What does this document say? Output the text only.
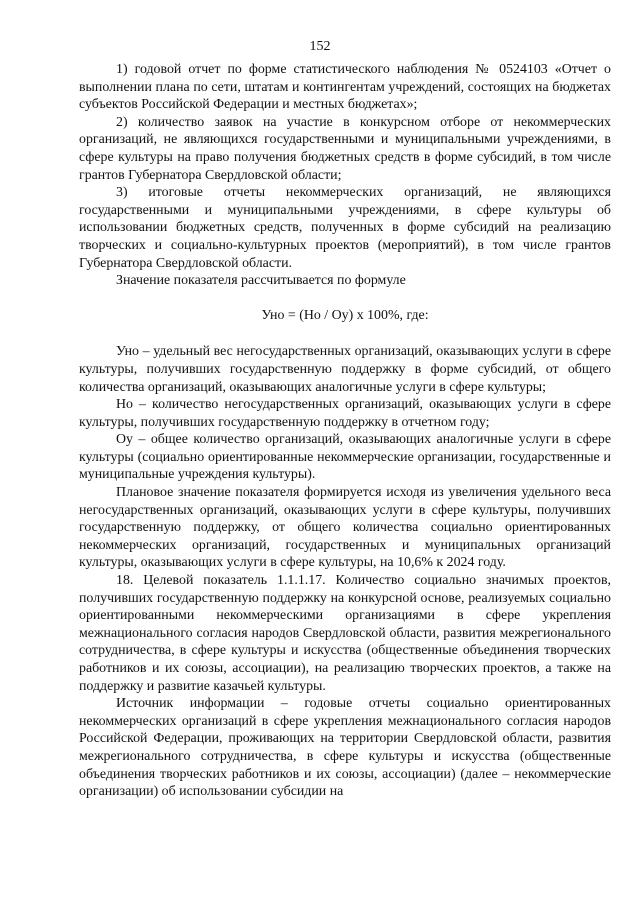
152

1) годовой отчет по форме статистического наблюдения № 0524103 «Отчет о выполнении плана по сети, штатам и контингентам учреждений, состоящих на бюджетах субъектов Российской Федерации и местных бюджетах»;

2) количество заявок на участие в конкурсном отборе от некоммерческих организаций, не являющихся государственными и муниципальными учреждениями, в сфере культуры на право получения бюджетных средств в форме субсидий, в том числе грантов Губернатора Свердловской области;

3) итоговые отчеты некоммерческих организаций, не являющихся государственными и муниципальными учреждениями, в сфере культуры об использовании бюджетных средств, полученных в форме субсидий на реализацию творческих и социально-культурных проектов (мероприятий), в том числе грантов Губернатора Свердловской области.

Значение показателя рассчитывается по формуле

Уно = (Но / Оу) x 100%, где:

Уно – удельный вес негосударственных организаций, оказывающих услуги в сфере культуры, получивших государственную поддержку в форме субсидий, от общего количества организаций, оказывающих аналогичные услуги в сфере культуры;

Но – количество негосударственных организаций, оказывающих услуги в сфере культуры, получивших государственную поддержку в отчетном году;

Оу – общее количество организаций, оказывающих аналогичные услуги в сфере культуры (социально ориентированные некоммерческие организации, государственные и муниципальные учреждения культуры).

Плановое значение показателя формируется исходя из увеличения удельного веса негосударственных организаций, оказывающих услуги в сфере культуры, получивших государственную поддержку, от общего количества социально ориентированных некоммерческих организаций, государственных и муниципальных организаций культуры, оказывающих услуги в сфере культуры, на 10,6% к 2024 году.

18. Целевой показатель 1.1.1.17. Количество социально значимых проектов, получивших государственную поддержку на конкурсной основе, реализуемых социально ориентированными некоммерческими организациями в сфере укрепления межнационального согласия народов Свердловской области, развития межрегионального сотрудничества, в сфере культуры и искусства (общественные объединения творческих работников и их союзы, ассоциации), на реализацию творческих проектов, а также на поддержку и развитие казачьей культуры.

Источник информации – годовые отчеты социально ориентированных некоммерческих организаций в сфере укрепления межнационального согласия народов Российской Федерации, проживающих на территории Свердловской области, развития межрегионального сотрудничества, в сфере культуры и искусства (общественные объединения творческих работников и их союзы, ассоциации) (далее – некоммерческие организации) об использовании субсидии на
